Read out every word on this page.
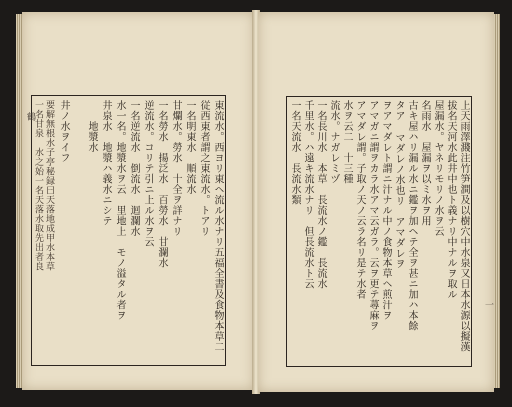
東流水。西ヨリ東ヘ流ル水ナリ五福全書及食物本草二
従西東者謂之東流水。トアリ
一名明東水　順流水
甘爛水。勞水　十全ヲ詳ナリ
一名勞水　揚泛水　百勞水　甘瀾水
逆流水。コリテ引ニ上ル水ヲ云
一名逆流水　倒流水　迴瀾水
水一名。地漿水ヲ云　里地上　モノ溢タル者ヲ
井泉水　地漿ハ義水ニシテ
　　地漿水
井ノ水ヲイフ
要解無根水子亭秘録曰天落地成甲水本草
一名甘泉　水之始一名天落水取先出者良
鶴	上天雨澤濺注竹笋澗及以樹穴中水泉又日本水源以擬漢
拔名天河水此井中也ト義ナリ中ナルヲ取ル
屋漏水。ヤネリモリノ水ヲ云
名雨水　屋漏ヲ以ミ水ヲ用
古キ屋ハリ漏ル水ニ鑑ヲ加ヘテ全ヲ甚ニ加ハ本餘
タア マダレノ水也リ　アマダレヲ
ヲアマダレト謂ニ汁ナル中ノ食物本草ヘ煎汁ヲ
アマガニ謂ヲカラ水アマ云ガラ。云ヲ更テ蕁麻ヲ
アマダレ謂。子取ノ天ノ云ラ名リ是テ水者
水ヲ云二　十三種
流水。ナガレミヅ
一名長川水　本草　長流水ノ鑑　長流水
千里水。ハ遠キ流水ナリ　但長流水ト云
一名天流水　長流水類
一
